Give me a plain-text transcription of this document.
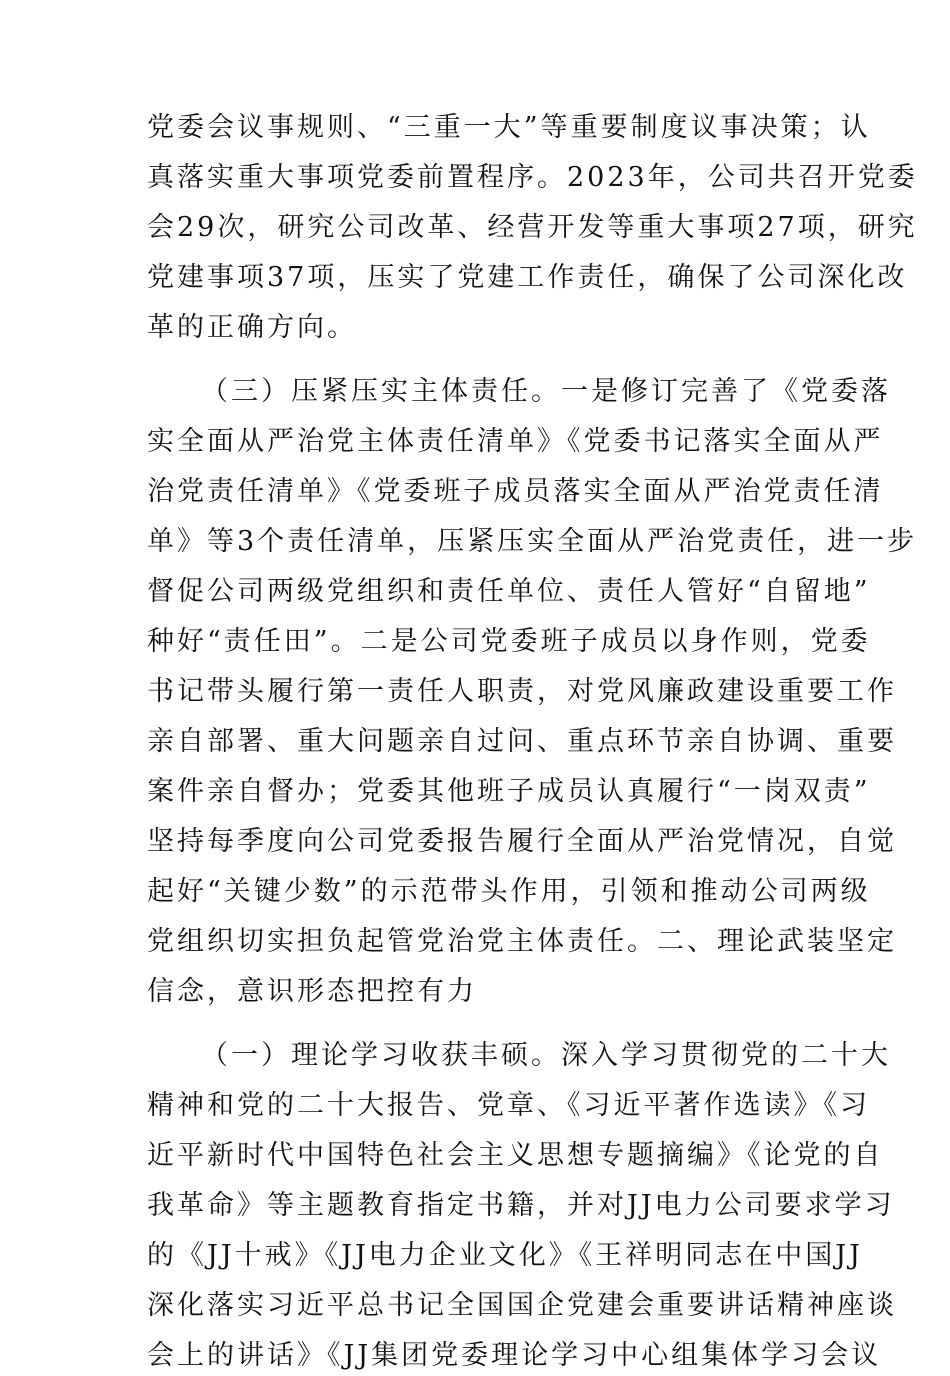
党委会议事规则、“三重一大”等重要制度议事决策；认
真落实重大事项党委前置程序。2023年，公司共召开党委
会29次，研究公司改革、经营开发等重大事项27项，研究
党建事项37项，压实了党建工作责任，确保了公司深化改
革的正确方向。
（三）压紧压实主体责任。一是修订完善了《党委落
实全面从严治党主体责任清单》《党委书记落实全面从严
治党责任清单》《党委班子成员落实全面从严治党责任清
单》等3个责任清单，压紧压实全面从严治党责任，进一步
督促公司两级党组织和责任单位、责任人管好“自留地”
种好“责任田”。二是公司党委班子成员以身作则，党委
书记带头履行第一责任人职责，对党风廉政建设重要工作
亲自部署、重大问题亲自过问、重点环节亲自协调、重要
案件亲自督办；党委其他班子成员认真履行“一岗双责”
坚持每季度向公司党委报告履行全面从严治党情况，自觉
起好“关键少数”的示范带头作用，引领和推动公司两级
党组织切实担负起管党治党主体责任。二、理论武装坚定
信念，意识形态把控有力
（一）理论学习收获丰硕。深入学习贯彻党的二十大
精神和党的二十大报告、党章、《习近平著作选读》《习
近平新时代中国特色社会主义思想专题摘编》《论党的自
我革命》等主题教育指定书籍，并对JJ电力公司要求学习
的《JJ十戒》《JJ电力企业文化》《王祥明同志在中国JJ
深化落实习近平总书记全国国企党建会重要讲话精神座谈
会上的讲话》《JJ集团党委理论学习中心组集体学习会议
